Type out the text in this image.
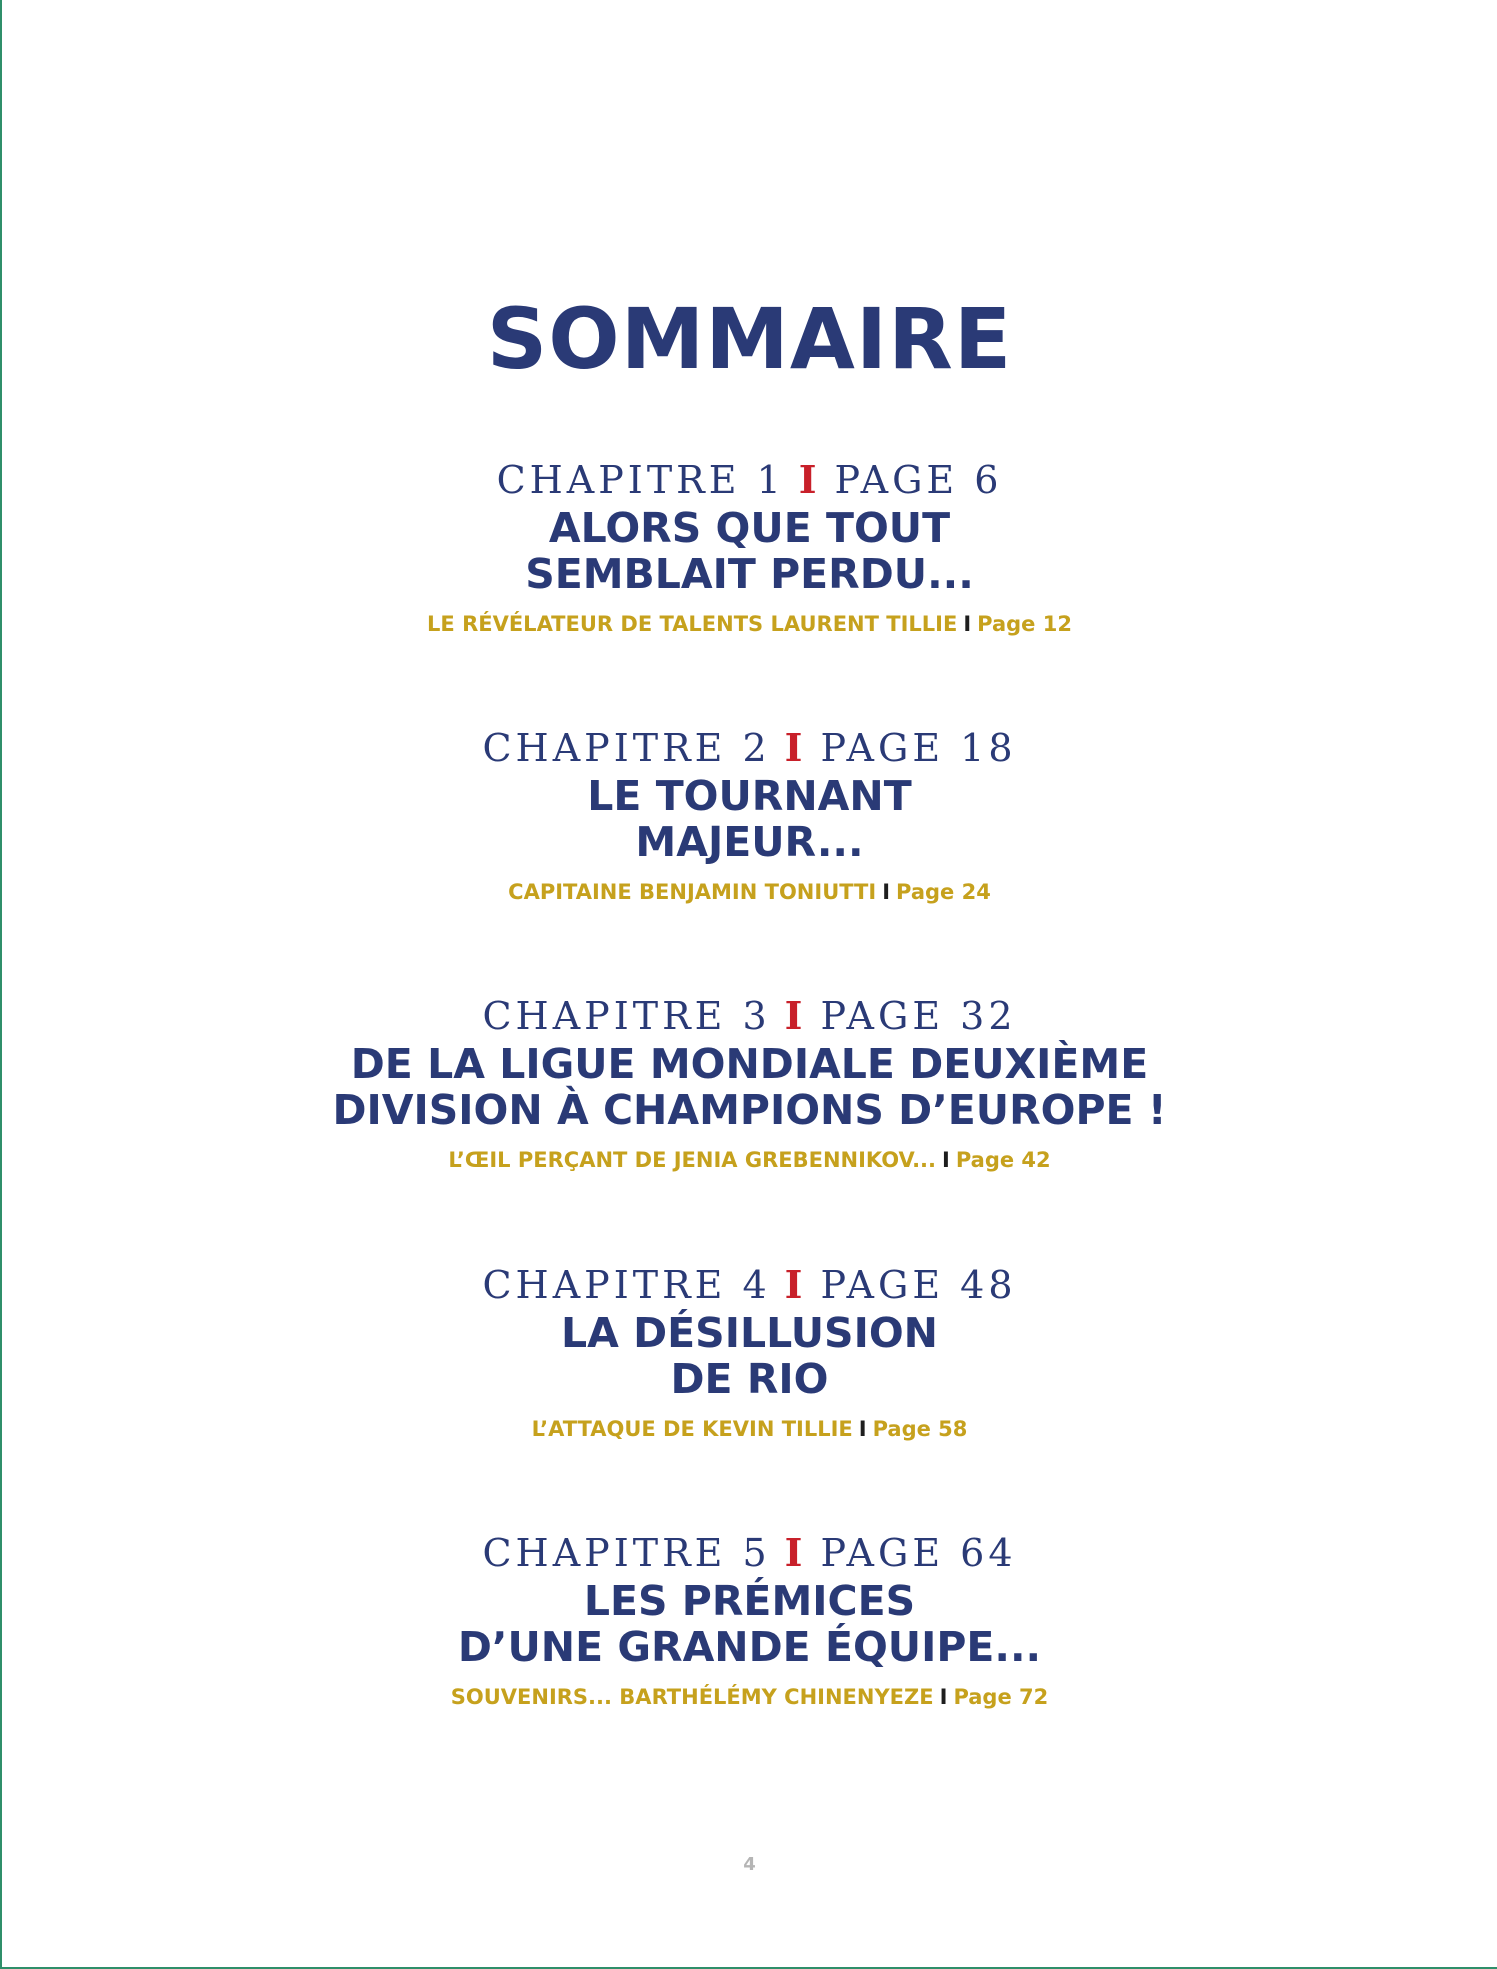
SOMMAIRE
CHAPITRE 1 I PAGE 6
ALORS QUE TOUT
SEMBLAIT PERDU...
LE RÉVÉLATEUR DE TALENTS LAURENT TILLIE I Page 12
CHAPITRE 2 I PAGE 18
LE TOURNANT
MAJEUR...
CAPITAINE BENJAMIN TONIUTTI I Page 24
CHAPITRE 3 I PAGE 32
DE LA LIGUE MONDIALE DEUXIÈME
DIVISION À CHAMPIONS D’EUROPE !
L’ŒIL PERÇANT DE JENIA GREBENNIKOV... I Page 42
CHAPITRE 4 I PAGE 48
LA DÉSILLUSION
DE RIO
L’ATTAQUE DE KEVIN TILLIE I Page 58
CHAPITRE 5 I PAGE 64
LES PRÉMICES
D’UNE GRANDE ÉQUIPE...
SOUVENIRS... BARTHÉLÉMY CHINENYEZE I Page 72
4
